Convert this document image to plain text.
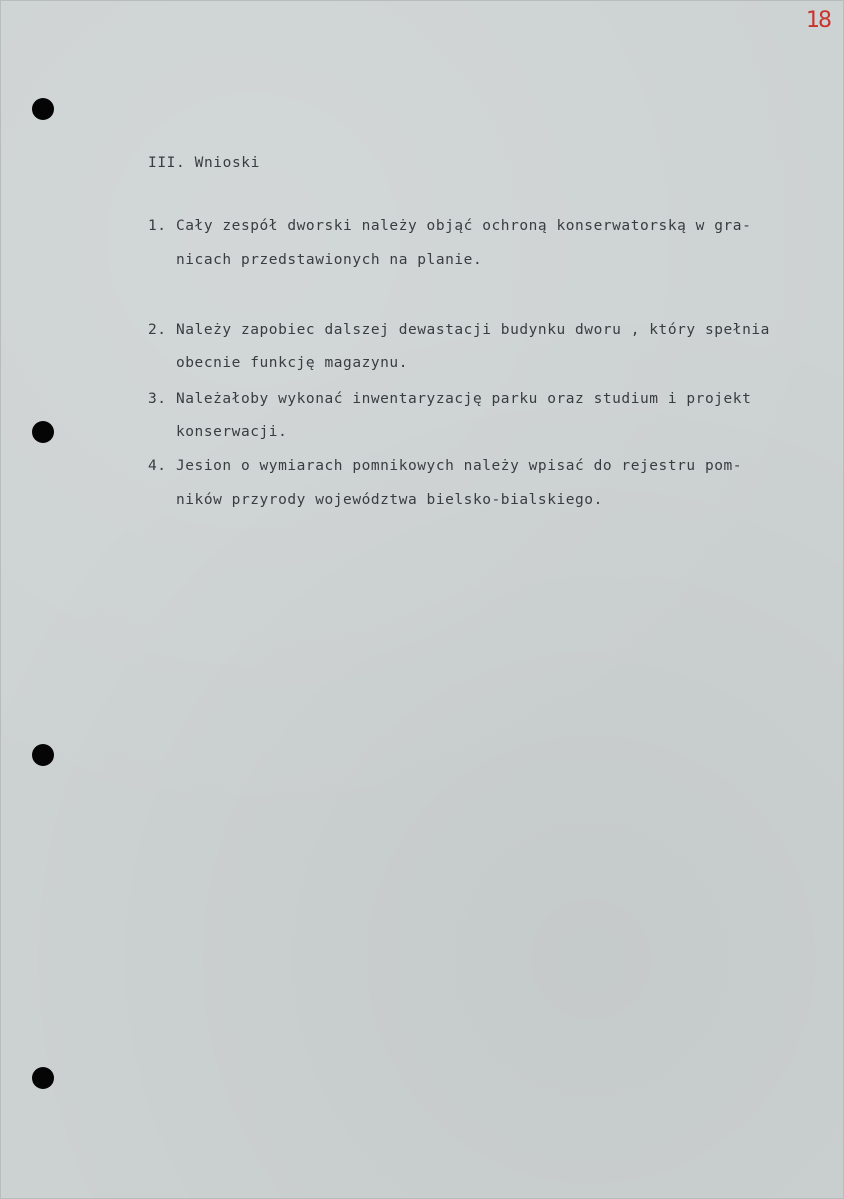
18
III. Wnioski
1. Cały zespół dworski należy objąć ochroną konserwatorską w gra-
nicach przedstawionych na planie.
2. Należy zapobiec dalszej dewastacji budynku dworu , który spełnia
obecnie funkcję magazynu.
3. Należałoby wykonać inwentaryzację parku oraz studium i projekt
konserwacji.
4. Jesion o wymiarach pomnikowych należy wpisać do rejestru pom-
ników przyrody województwa bielsko-bialskiego.
